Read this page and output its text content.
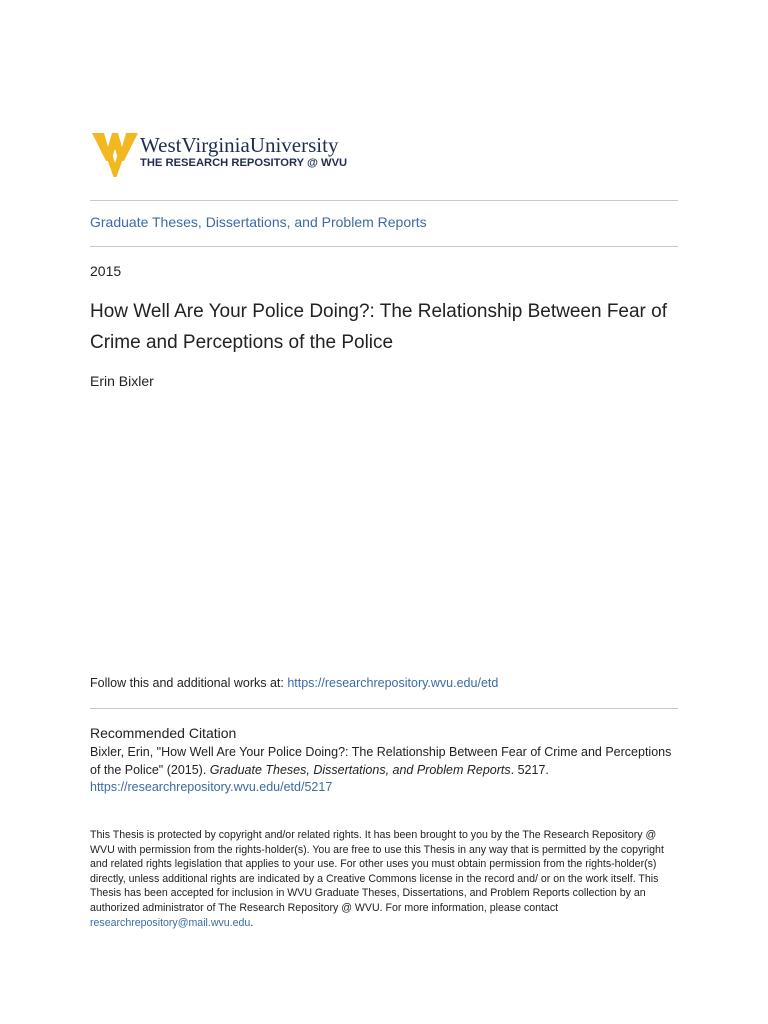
WestVirginiaUniversity
THE RESEARCH REPOSITORY @ WVU
Graduate Theses, Dissertations, and Problem Reports
2015
How Well Are Your Police Doing?: The Relationship Between Fear of Crime and Perceptions of the Police
Erin Bixler
Follow this and additional works at: https://researchrepository.wvu.edu/etd
Recommended Citation
Bixler, Erin, "How Well Are Your Police Doing?: The Relationship Between Fear of Crime and Perceptions of the Police" (2015). Graduate Theses, Dissertations, and Problem Reports. 5217.
https://researchrepository.wvu.edu/etd/5217
This Thesis is protected by copyright and/or related rights. It has been brought to you by the The Research Repository @ WVU with permission from the rights-holder(s). You are free to use this Thesis in any way that is permitted by the copyright and related rights legislation that applies to your use. For other uses you must obtain permission from the rights-holder(s) directly, unless additional rights are indicated by a Creative Commons license in the record and/ or on the work itself. This Thesis has been accepted for inclusion in WVU Graduate Theses, Dissertations, and Problem Reports collection by an authorized administrator of The Research Repository @ WVU. For more information, please contact researchrepository@mail.wvu.edu.
